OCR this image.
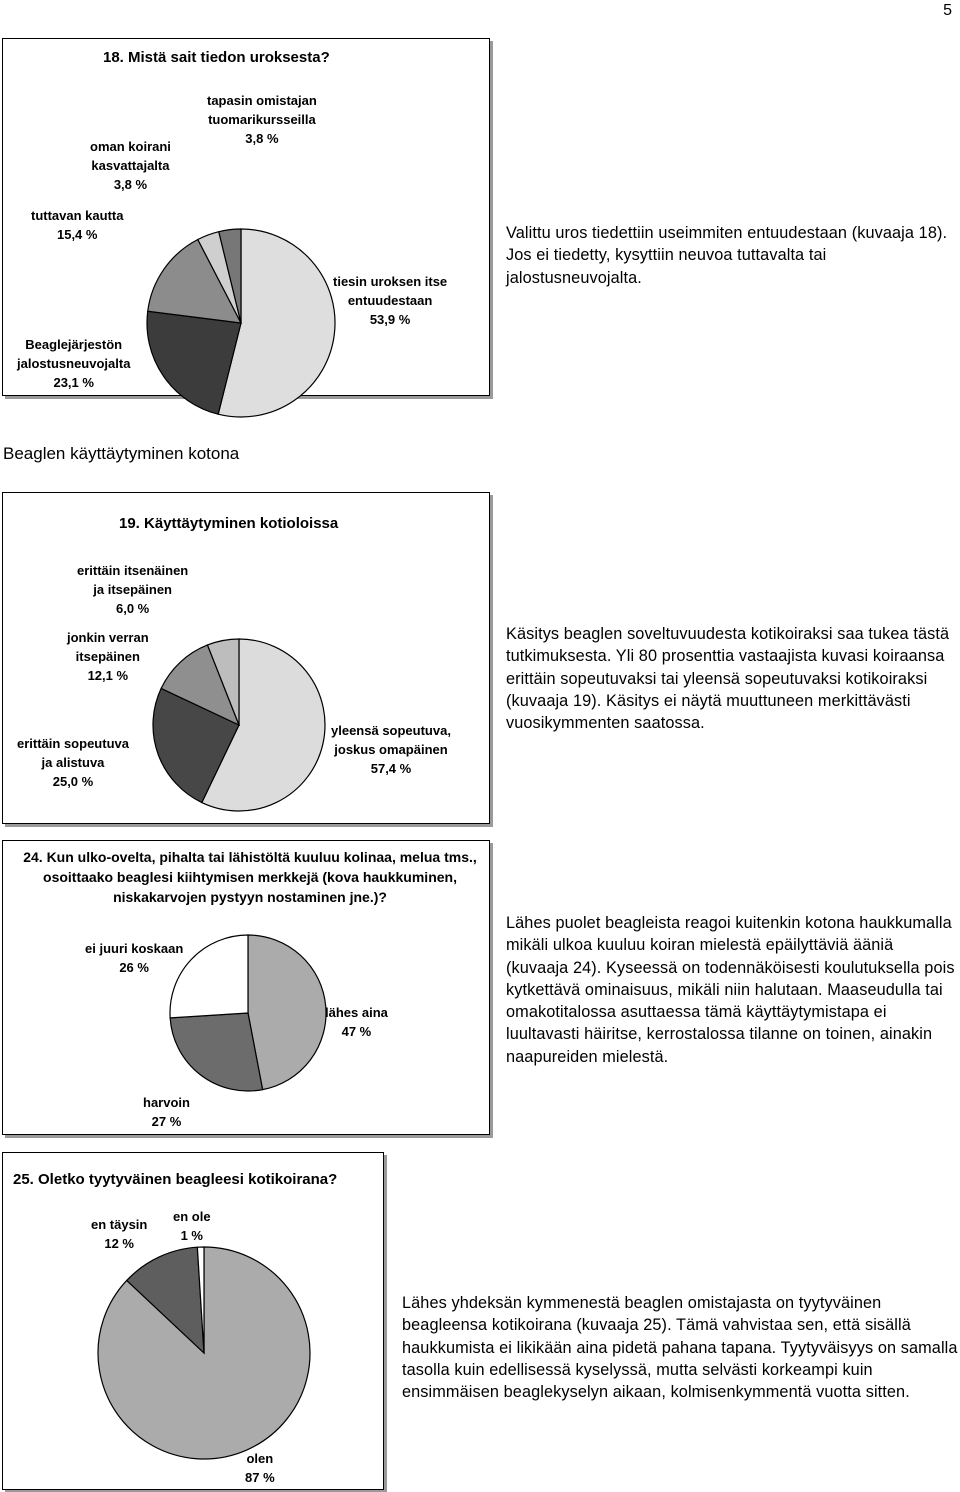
5
18. Mistä sait tiedon uroksesta?
tapasin omistajan
tuomarikursseilla
3,8 %
oman koirani
kasvattajalta
3,8 %
tuttavan kautta
15,4 %
Beaglejärjestön
jalostusneuvojalta
23,1 %
tiesin uroksen itse
entuudestaan
53,9 %
Valittu uros tiedettiin useimmiten entuudestaan (kuvaaja 18). Jos ei tiedetty, kysyttiin neuvoa tuttavalta tai jalostusneuvojalta.
Beaglen käyttäytyminen kotona
19. Käyttäytyminen kotioloissa
erittäin itsenäinen
ja itsepäinen
6,0 %
jonkin verran
itsepäinen
12,1 %
erittäin sopeutuva
ja alistuva
25,0 %
yleensä sopeutuva,
joskus omapäinen
57,4 %
Käsitys beaglen soveltuvuudesta kotikoiraksi saa tukea tästä tutkimuksesta. Yli 80 prosenttia vastaajista kuvasi koiraansa erittäin sopeutuvaksi tai yleensä sopeutuvaksi kotikoiraksi (kuvaaja 19). Käsitys ei näytä muuttuneen merkittävästi vuosikymmenten saatossa.
24. Kun ulko-ovelta, pihalta tai lähistöltä kuuluu kolinaa, melua tms., osoittaako beaglesi kiihtymisen merkkejä (kova haukkuminen, niskakarvojen pystyyn nostaminen jne.)?
ei juuri koskaan
26 %
lähes aina
47 %
harvoin
27 %
Lähes puolet beagleista reagoi kuitenkin kotona haukkumalla mikäli ulkoa kuuluu koiran mielestä epäilyttäviä ääniä (kuvaaja 24). Kyseessä on todennäköisesti koulutuksella pois kytkettävä ominaisuus, mikäli niin halutaan. Maaseudulla tai omakotitalossa asuttaessa tämä käyttäytymistapa ei luultavasti häiritse, kerrostalossa tilanne on toinen, ainakin naapureiden mielestä.
25. Oletko tyytyväinen beagleesi kotikoirana?
en täysin
12 %
en ole
1 %
olen
87 %
Lähes yhdeksän kymmenestä beaglen omistajasta on tyytyväinen beagleensa kotikoirana (kuvaaja 25). Tämä vahvistaa sen, että sisällä haukkumista ei likikään aina pidetä pahana tapana. Tyytyväisyys on samalla tasolla kuin edellisessä kyselyssä, mutta selvästi korkeampi kuin ensimmäisen beaglekyselyn aikaan, kolmisenkymmentä vuotta sitten.
